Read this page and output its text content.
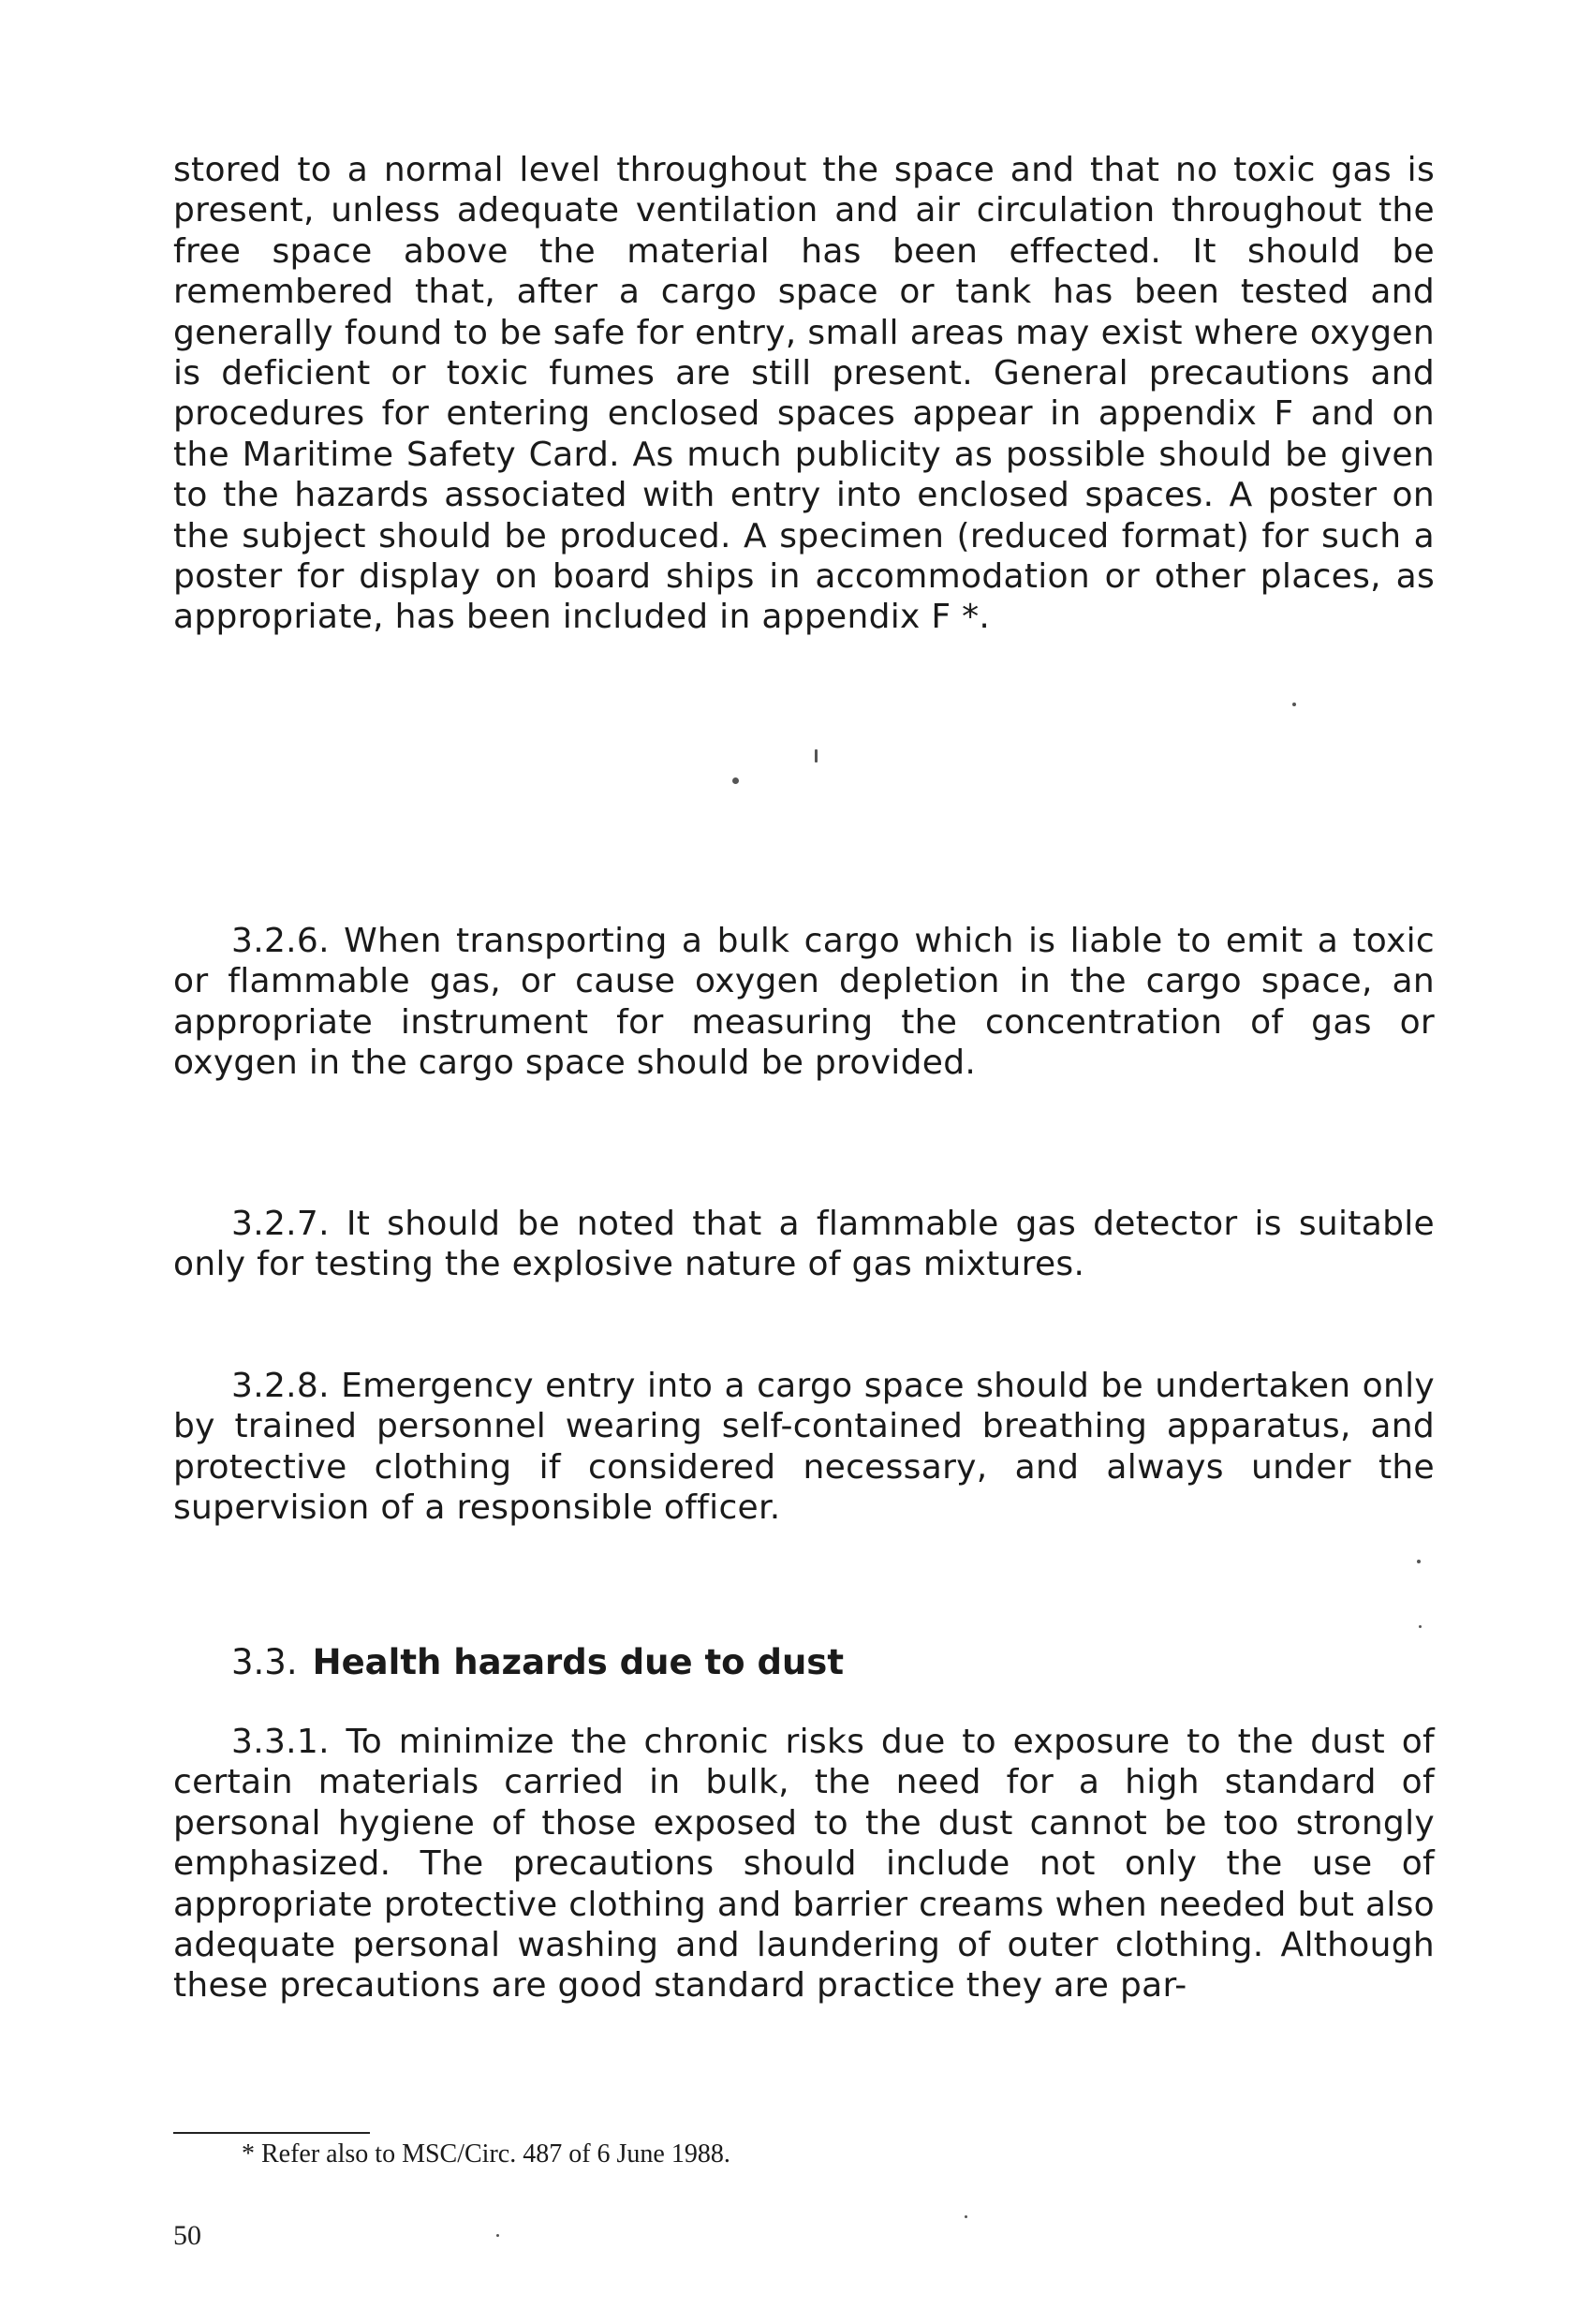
stored to a normal level throughout the space and that no toxic gas is present, unless adequate ventilation and air circulation throughout the free space above the material has been effected. It should be remembered that, after a cargo space or tank has been tested and generally found to be safe for entry, small areas may exist where oxygen is deficient or toxic fumes are still present. General precautions and procedures for entering enclosed spaces appear in appendix F and on the Maritime Safety Card. As much publicity as possible should be given to the hazards associated with entry into enclosed spaces. A poster on the subject should be produced. A specimen (reduced format) for such a poster for display on board ships in accommodation or other places, as appropriate, has been included in appendix F *.

3.2.6. When transporting a bulk cargo which is liable to emit a toxic or flammable gas, or cause oxygen depletion in the cargo space, an appropriate instrument for measuring the concentration of gas or oxygen in the cargo space should be provided.

3.2.7. It should be noted that a flammable gas detector is suitable only for testing the explosive nature of gas mixtures.

3.2.8. Emergency entry into a cargo space should be undertaken only by trained personnel wearing self-contained breathing apparatus, and protective clothing if considered necessary, and always under the supervision of a responsible officer.

3.3. Health hazards due to dust

3.3.1. To minimize the chronic risks due to exposure to the dust of certain materials carried in bulk, the need for a high standard of personal hygiene of those exposed to the dust cannot be too strongly emphasized. The precautions should include not only the use of appropriate protective clothing and barrier creams when needed but also adequate personal washing and laundering of outer clothing. Although these precautions are good standard practice they are par-

* Refer also to MSC/Circ. 487 of 6 June 1988.

50
